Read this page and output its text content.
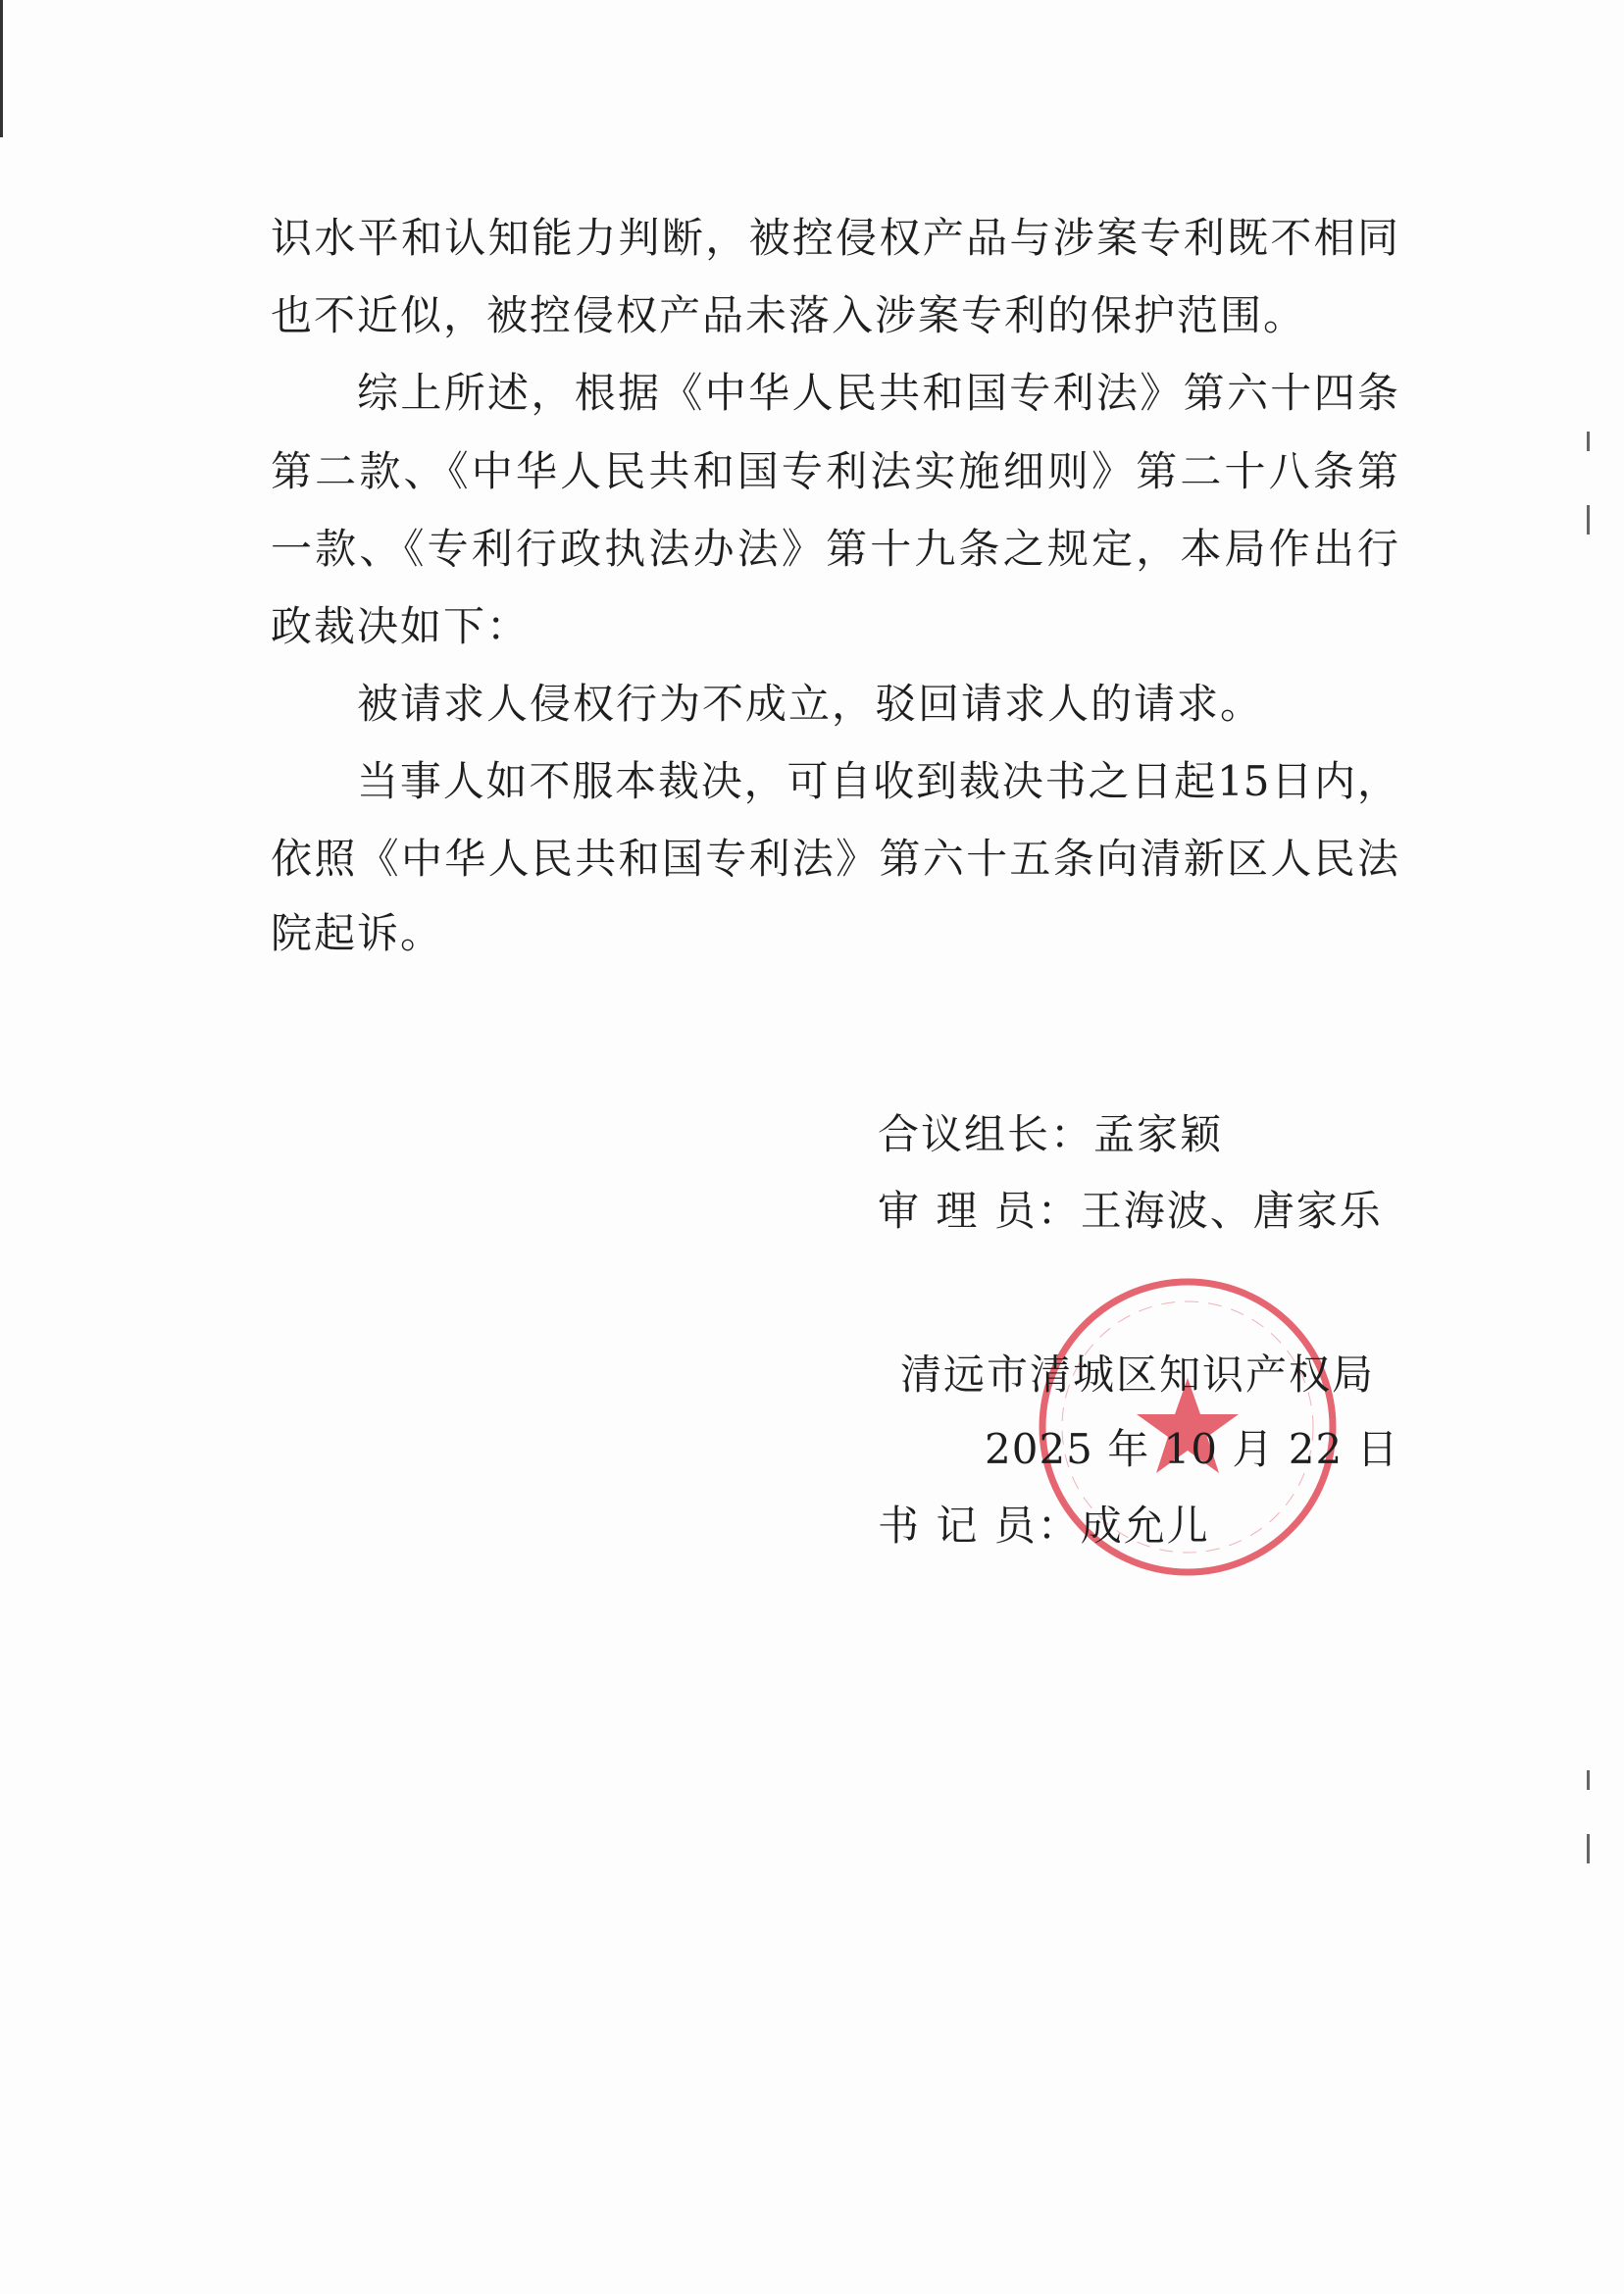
识水平和认知能力判断，被控侵权产品与涉案专利既不相同
也不近似，被控侵权产品未落入涉案专利的保护范围。
综上所述，根据《中华人民共和国专利法》第六十四条
第二款、《中华人民共和国专利法实施细则》第二十八条第
一款、《专利行政执法办法》第十九条之规定，本局作出行
政裁决如下：
被请求人侵权行为不成立，驳回请求人的请求。
当事人如不服本裁决，可自收到裁决书之日起15日内，
依照《中华人民共和国专利法》第六十五条向清新区人民法
院起诉。
合议组长：孟家颖
审 理 员：王海波、唐家乐
清远市清城区知识产权局
2025 年 10 月 22 日
书 记 员：成允儿
